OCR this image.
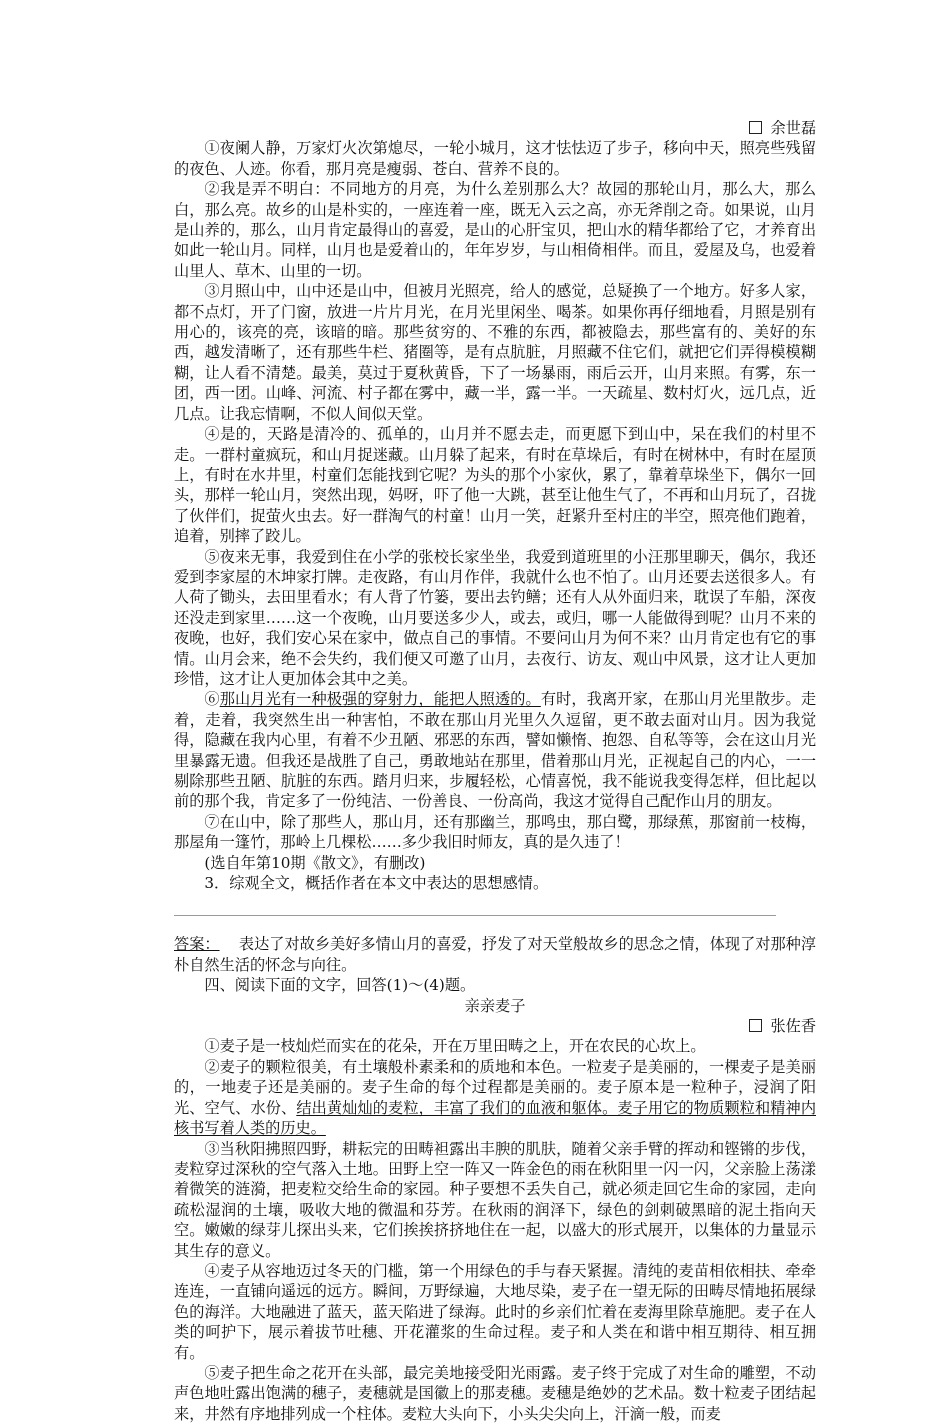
余世磊

①夜阑人静，万家灯火次第熄尽，一轮小城月，这才怯怯迈了步子，移向中天，照亮些残留的夜色、人迹。你看，那月亮是瘦弱、苍白、营养不良的。

②我是弄不明白：不同地方的月亮，为什么差别那么大？故园的那轮山月，那么大，那么白，那么亮。故乡的山是朴实的，一座连着一座，既无入云之高，亦无斧削之奇。如果说，山月是山养的，那么，山月肯定最得山的喜爱，是山的心肝宝贝，把山水的精华都给了它，才养育出如此一轮山月。同样，山月也是爱着山的，年年岁岁，与山相倚相伴。而且，爱屋及乌，也爱着山里人、草木、山里的一切。

③月照山中，山中还是山中，但被月光照亮，给人的感觉，总疑换了一个地方。好多人家，都不点灯，开了门窗，放进一片片月光，在月光里闲坐、喝茶。如果你再仔细地看，月照是别有用心的，该亮的亮，该暗的暗。那些贫穷的、不雅的东西，都被隐去，那些富有的、美好的东西，越发清晰了，还有那些牛栏、猪圈等，是有点肮脏，月照藏不住它们，就把它们弄得模模糊糊，让人看不清楚。最美，莫过于夏秋黄昏，下了一场暴雨，雨后云开，山月来照。有雾，东一团，西一团。山峰、河流、村子都在雾中，藏一半，露一半。一天疏星、数村灯火，远几点，近几点。让我忘情啊，不似人间似天堂。

④是的，天路是清冷的、孤单的，山月并不愿去走，而更愿下到山中，呆在我们的村里不走。一群村童疯玩，和山月捉迷藏。山月躲了起来，有时在草垛后，有时在树林中，有时在屋顶上，有时在水井里，村童们怎能找到它呢？为头的那个小家伙，累了，靠着草垛坐下，偶尔一回头，那样一轮山月，突然出现，妈呀，吓了他一大跳，甚至让他生气了，不再和山月玩了，召拢了伙伴们，捉萤火虫去。好一群淘气的村童！山月一笑，赶紧升至村庄的半空，照亮他们跑着，追着，别摔了跤儿。

⑤夜来无事，我爱到住在小学的张校长家坐坐，我爱到道班里的小汪那里聊天，偶尔，我还爱到李家屋的木坤家打牌。走夜路，有山月作伴，我就什么也不怕了。山月还要去送很多人。有人荷了锄头，去田里看水；有人背了竹篓，要出去钓鳝；还有人从外面归来，耽误了车船，深夜还没走到家里……这一个夜晚，山月要送多少人，或去，或归，哪一人能做得到呢？山月不来的夜晚，也好，我们安心呆在家中，做点自己的事情。不要问山月为何不来？山月肯定也有它的事情。山月会来，绝不会失约，我们便又可邀了山月，去夜行、访友、观山中风景，这才让人更加珍惜，这才让人更加体会其中之美。

⑥那山月光有一种极强的穿射力，能把人照透的。有时，我离开家，在那山月光里散步。走着，走着，我突然生出一种害怕，不敢在那山月光里久久逗留，更不敢去面对山月。因为我觉得，隐藏在我内心里，有着不少丑陋、邪恶的东西，譬如懒惰、抱怨、自私等等，会在这山月光里暴露无遗。但我还是战胜了自己，勇敢地站在那里，借着那山月光，正视起自己的内心，一一剔除那些丑陋、肮脏的东西。踏月归来，步履轻松，心情喜悦，我不能说我变得怎样，但比起以前的那个我，肯定多了一份纯洁、一份善良、一份高尚，我这才觉得自己配作山月的朋友。

⑦在山中，除了那些人，那山月，还有那幽兰，那鸣虫，那白鹭，那绿蕉，那窗前一枝梅，那屋角一篷竹，那岭上几棵松……多少我旧时师友，真的是久违了！

(选自年第10期《散文》，有删改)

3．综观全文，概括作者在本文中表达的思想感情。

答案： 表达了对故乡美好多情山月的喜爱，抒发了对天堂般故乡的思念之情，体现了对那种淳朴自然生活的怀念与向往。

四、阅读下面的文字，回答(1)～(4)题。

亲亲麦子

张佐香

①麦子是一枝灿烂而实在的花朵，开在万里田畴之上，开在农民的心坎上。

②麦子的颗粒很美，有土壤般朴素柔和的质地和本色。一粒麦子是美丽的，一棵麦子是美丽的，一地麦子还是美丽的。麦子生命的每个过程都是美丽的。麦子原本是一粒种子，浸润了阳光、空气、水份、结出黄灿灿的麦粒，丰富了我们的血液和躯体。麦子用它的物质颗粒和精神内核书写着人类的历史。

③当秋阳拂照四野，耕耘完的田畴袒露出丰腴的肌肤，随着父亲手臂的挥动和铿锵的步伐，麦粒穿过深秋的空气落入土地。田野上空一阵又一阵金色的雨在秋阳里一闪一闪，父亲脸上荡漾着微笑的涟漪，把麦粒交给生命的家园。种子要想不丢失自己，就必须走回它生命的家园，走向疏松湿润的土壤，吸收大地的微温和芬芳。在秋雨的润泽下，绿色的剑刺破黑暗的泥土指向天空。嫩嫩的绿芽儿探出头来，它们挨挨挤挤地住在一起，以盛大的形式展开，以集体的力量显示其生存的意义。

④麦子从容地迈过冬天的门槛，第一个用绿色的手与春天紧握。清纯的麦苗相依相扶、牵牵连连，一直铺向遥远的远方。瞬间，万野绿遍，大地尽染，麦子在一望无际的田畴尽情地拓展绿色的海洋。大地融进了蓝天，蓝天陷进了绿海。此时的乡亲们忙着在麦海里除草施肥。麦子在人类的呵护下，展示着拔节吐穗、开花灌浆的生命过程。麦子和人类在和谐中相互期待、相互拥有。

⑤麦子把生命之花开在头部，最完美地接受阳光雨露。麦子终于完成了对生命的雕塑，不动声色地吐露出饱满的穗子，麦穗就是国徽上的那麦穗。麦穗是绝妙的艺术品。数十粒麦子团结起来，井然有序地排列成一个柱体。麦粒大头向下，小头尖尖向上，汗滴一般，而麦
